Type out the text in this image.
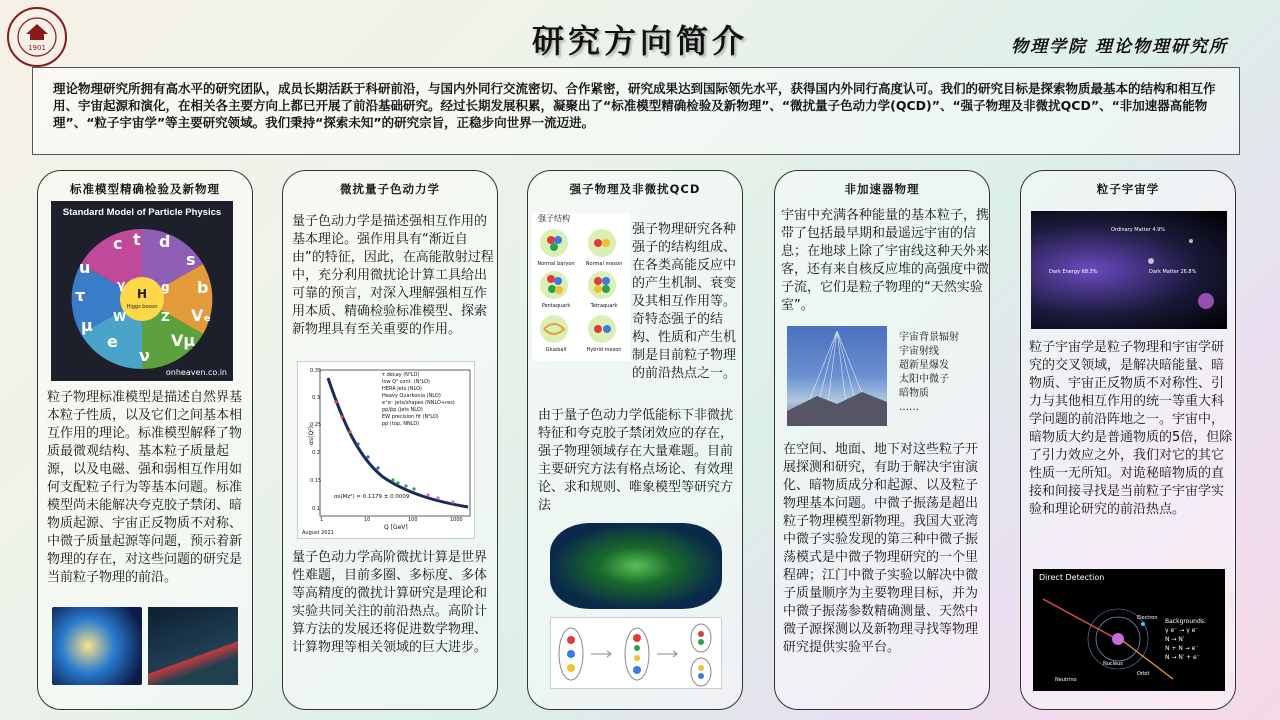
1901	研究方向简介	物理学院 理论物理研究所
理论物理研究所拥有高水平的研究团队，成员长期活跃于科研前沿，与国内外同行交流密切、合作紧密，研究成果达到国际领先水平，获得国内外同行高度认可。我们的研究目标是探索物质最基本的结构和相互作用、宇宙起源和演化，在相关各主要方向上都已开展了前沿基础研究。经过长期发展积累，凝聚出了“标准模型精确检验及新物理”、“微扰量子色动力学(QCD)”、“强子物理及非微扰QCD”、“非加速器高能物理”、“粒子宇宙学”等主要研究领域。我们秉持“探索未知”的研究宗旨，正稳步向世界一流迈进。
标准模型精确检验及新物理
Standard Model of Particle Physics
H
Higgs boson
c t d
s
b
Vₑ
Vμ
ν
e
μ
τ
u
g
Z
W
γ
onheaven.co.in
粒子物理标准模型是描述自然界基本粒子性质，以及它们之间基本相互作用的理论。标准模型解释了物质最微观结构、基本粒子质量起源，以及电磁、强和弱相互作用如何支配粒子行为等基本问题。标准模型尚未能解决夸克胶子禁闭、暗物质起源、宇宙正反物质不对称、中微子质量起源等问题，预示着新物理的存在，对这些问题的研究是当前粒子物理的前沿。
微扰量子色动力学
量子色动力学是描述强相互作用的基本理论。强作用具有“渐近自由”的特征，因此，在高能散射过程中，充分利用微扰论计算工具给出可靠的预言，对深入理解强相互作用本质、精确检验标准模型、探索新物理具有至关重要的作用。
τ decay (N³LO)
low Q² cont. (N³LO)
HERA jets (NLO)
Heavy Quarkonia (NLO)
e⁺e⁻ jets/shapes (NNLO+res)
pp/p̄p (jets NLO)
EW precision fit (N³LO)
pp (top, NNLO)
αs(Mz²) = 0.1179 ± 0.0009
αs(Q²)
Q [GeV]
August 2021
0.35
0.3
0.25
0.2
0.15
0.1
1	10	100	1000
量子色动力学高阶微扰计算是世界性难题，目前多圈、多标度、多体等高精度的微扰计算研究是理论和实验共同关注的前沿热点。高阶计算方法的发展还将促进数学物理、计算物理等相关领域的巨大进步。
强子物理及非微扰QCD
强子结构
Normal baryon	Normal meson
Pentaquark	Tetraquark
Glueball	Hybrid meson
强子物理研究各种强子的结构组成、在各类高能反应中的产生机制、衰变及其相互作用等。奇特态强子的结构、性质和产生机制是目前粒子物理的前沿热点之一。
由于量子色动力学低能标下非微扰特征和夸克胶子禁闭效应的存在，强子物理领域存在大量难题。目前主要研究方法有格点场论、有效理论、求和规则、唯象模型等研究方法
非加速器物理
宇宙中充满各种能量的基本粒子，携带了包括最早期和最遥远宇宙的信息；在地球上除了宇宙线这种天外来客，还有来自核反应堆的高强度中微子流，它们是粒子物理的“天然实验室”。
宇宙背景辐射
宇宙射线
超新星爆发
太阳中微子
暗物质
……
在空间、地面、地下对这些粒子开展探测和研究，有助于解决宇宙演化、暗物质成分和起源、以及粒子物理基本问题。中微子振荡是超出粒子物理模型新物理。我国大亚湾中微子实验发现的第三种中微子振荡模式是中微子物理研究的一个里程碑；江门中微子实验以解决中微子质量顺序为主要物理目标，并为中微子振荡参数精确测量、天然中微子源探测以及新物理寻找等物理研究提供实验平台。
粒子宇宙学
Dark Energy 68.3%	Dark Matter 26.8%
Ordinary Matter 4.9%
粒子宇宙学是粒子物理和宇宙学研究的交叉领域，是解决暗能量、暗物质、宇宙正反物质不对称性、引力与其他相互作用的统一等重大科学问题的前沿阵地之一。宇宙中，暗物质大约是普通物质的5倍，但除了引力效应之外，我们对它的其它性质一无所知。对诡秘暗物质的直接和间接寻找是当前粒子宇宙学实验和理论研究的前沿热点。
Direct Detection
Electron
Nucleus
Orbit
Neutrino
Backgrounds:
γ e⁻ → γ e⁻
N → N′
N + N → e⁻
N → N′ + e⁻
